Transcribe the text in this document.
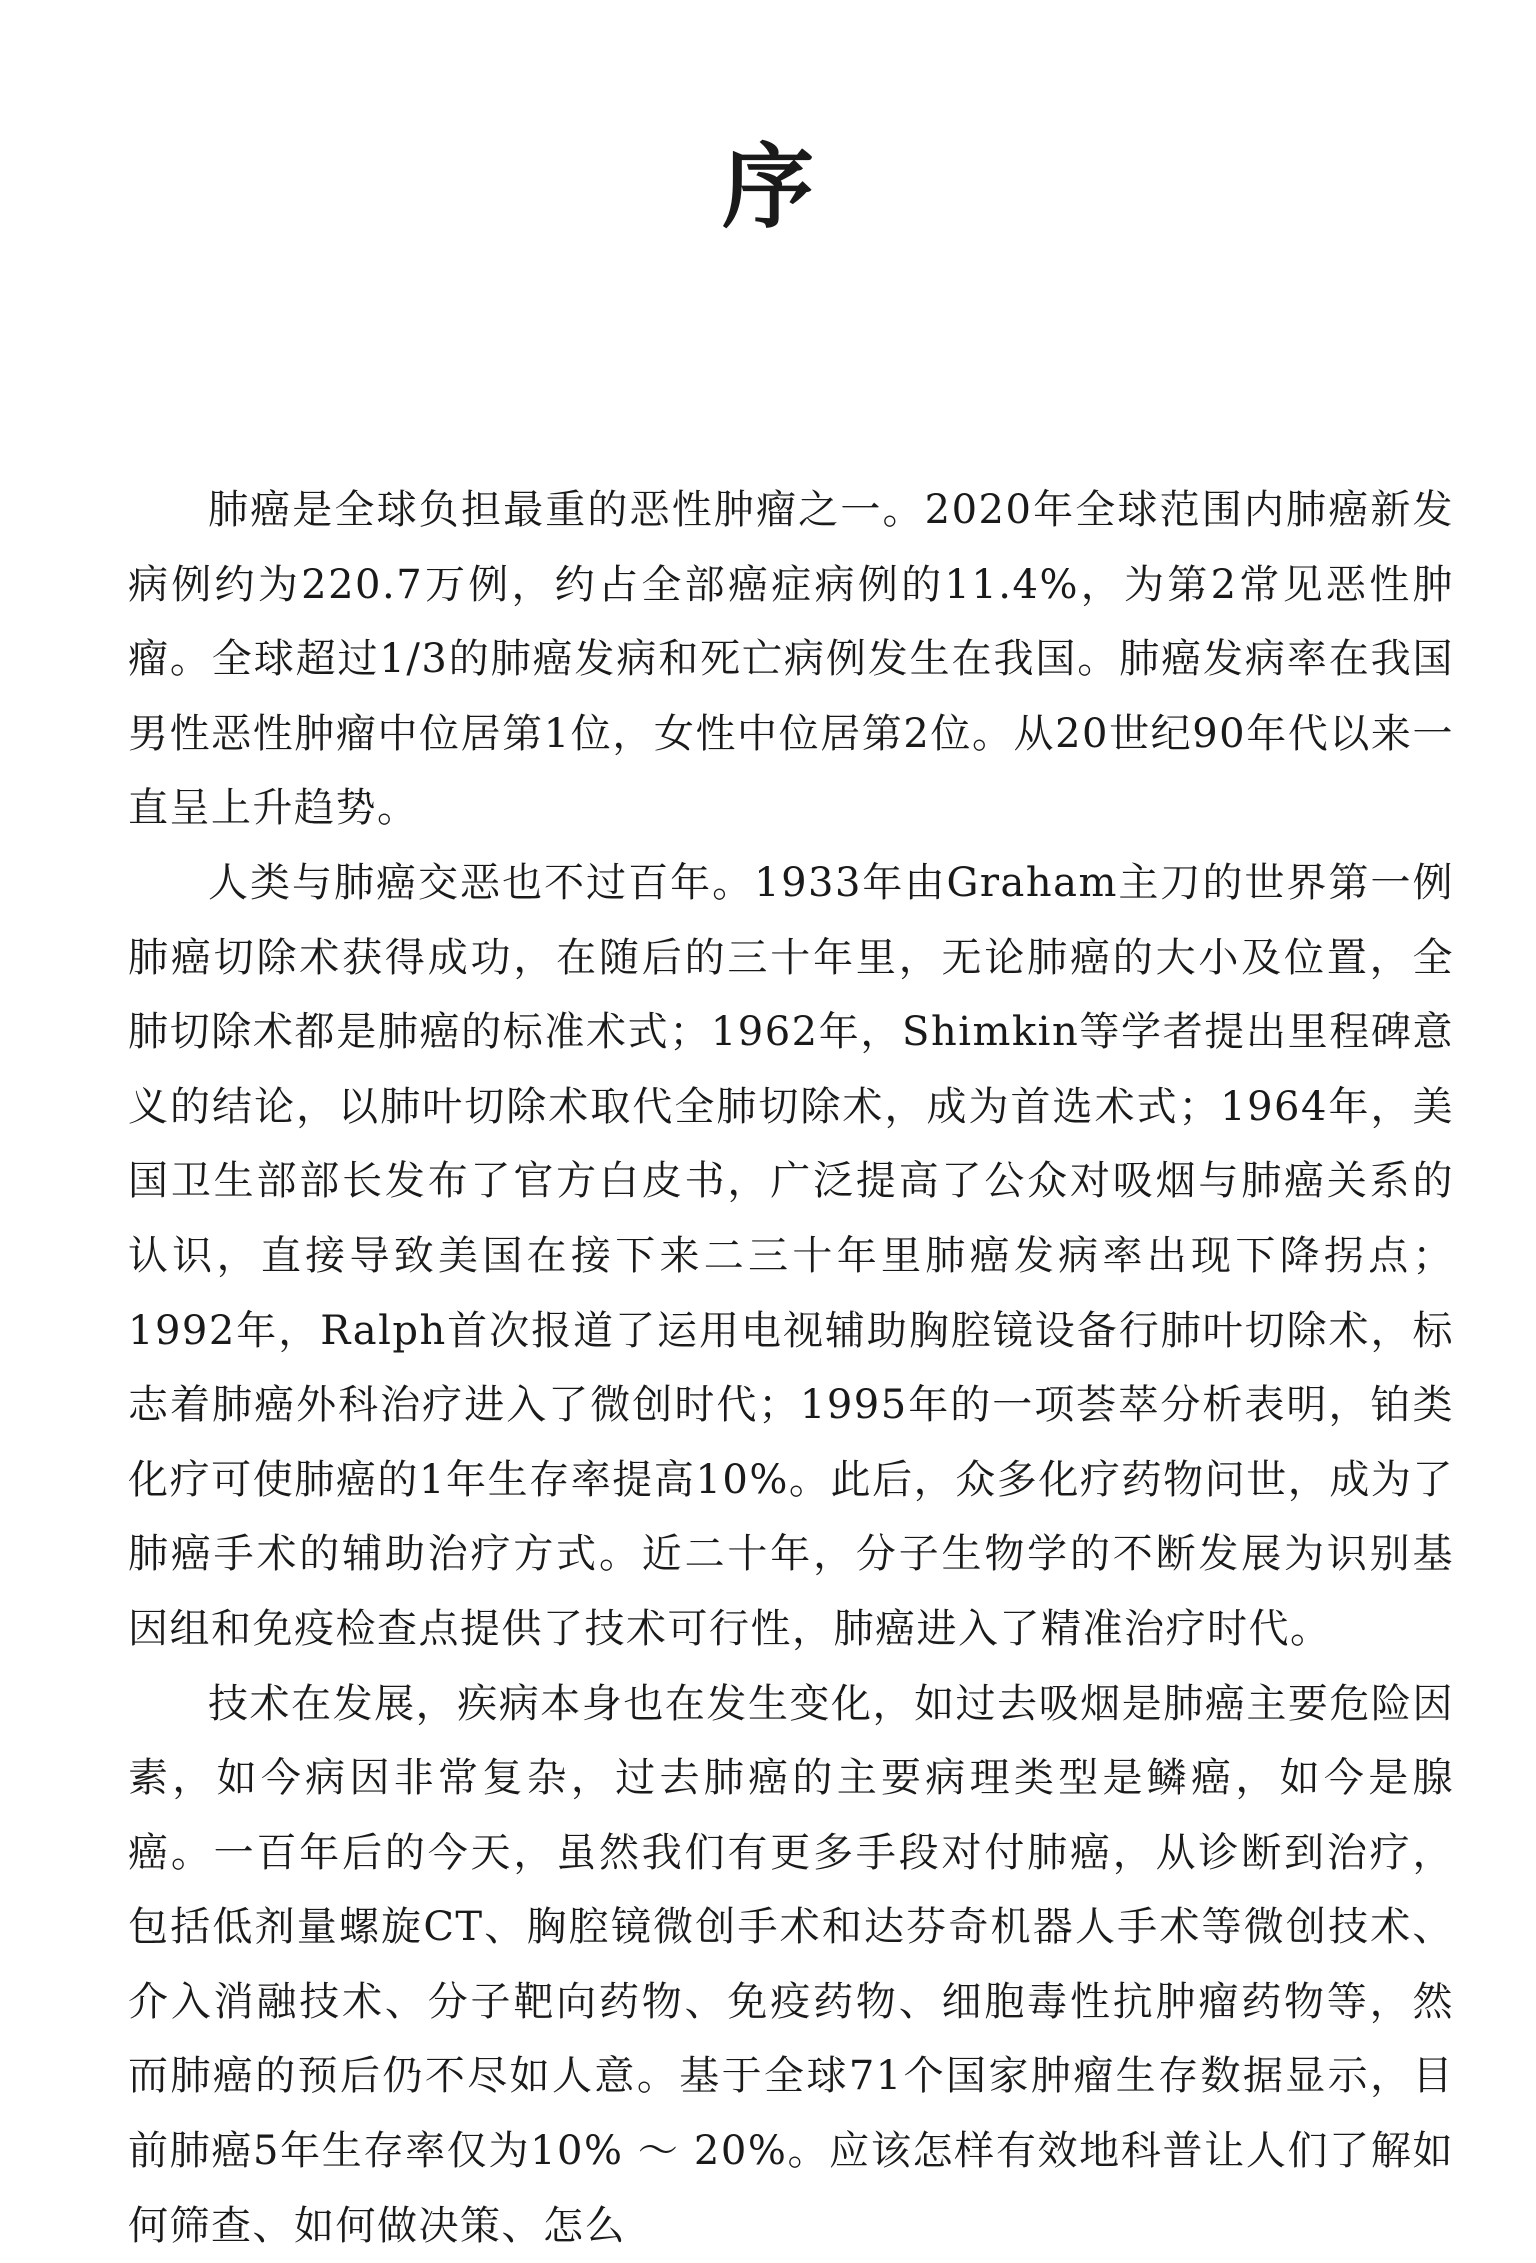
序

肺癌是全球负担最重的恶性肿瘤之一。2020年全球范围内肺癌新发病例约为220.7万例，约占全部癌症病例的11.4%，为第2常见恶性肿瘤。全球超过1/3的肺癌发病和死亡病例发生在我国。肺癌发病率在我国男性恶性肿瘤中位居第1位，女性中位居第2位。从20世纪90年代以来一直呈上升趋势。

人类与肺癌交恶也不过百年。1933年由Graham主刀的世界第一例肺癌切除术获得成功，在随后的三十年里，无论肺癌的大小及位置，全肺切除术都是肺癌的标准术式；1962年，Shimkin等学者提出里程碑意义的结论，以肺叶切除术取代全肺切除术，成为首选术式；1964年，美国卫生部部长发布了官方白皮书，广泛提高了公众对吸烟与肺癌关系的认识，直接导致美国在接下来二三十年里肺癌发病率出现下降拐点；1992年，Ralph首次报道了运用电视辅助胸腔镜设备行肺叶切除术，标志着肺癌外科治疗进入了微创时代；1995年的一项荟萃分析表明，铂类化疗可使肺癌的1年生存率提高10%。此后，众多化疗药物问世，成为了肺癌手术的辅助治疗方式。近二十年，分子生物学的不断发展为识别基因组和免疫检查点提供了技术可行性，肺癌进入了精准治疗时代。

技术在发展，疾病本身也在发生变化，如过去吸烟是肺癌主要危险因素，如今病因非常复杂，过去肺癌的主要病理类型是鳞癌，如今是腺癌。一百年后的今天，虽然我们有更多手段对付肺癌，从诊断到治疗，包括低剂量螺旋CT、胸腔镜微创手术和达芬奇机器人手术等微创技术、介入消融技术、分子靶向药物、免疫药物、细胞毒性抗肿瘤药物等，然而肺癌的预后仍不尽如人意。基于全球71个国家肿瘤生存数据显示，目前肺癌5年生存率仅为10% ～ 20%。应该怎样有效地科普让人们了解如何筛查、如何做决策、怎么
